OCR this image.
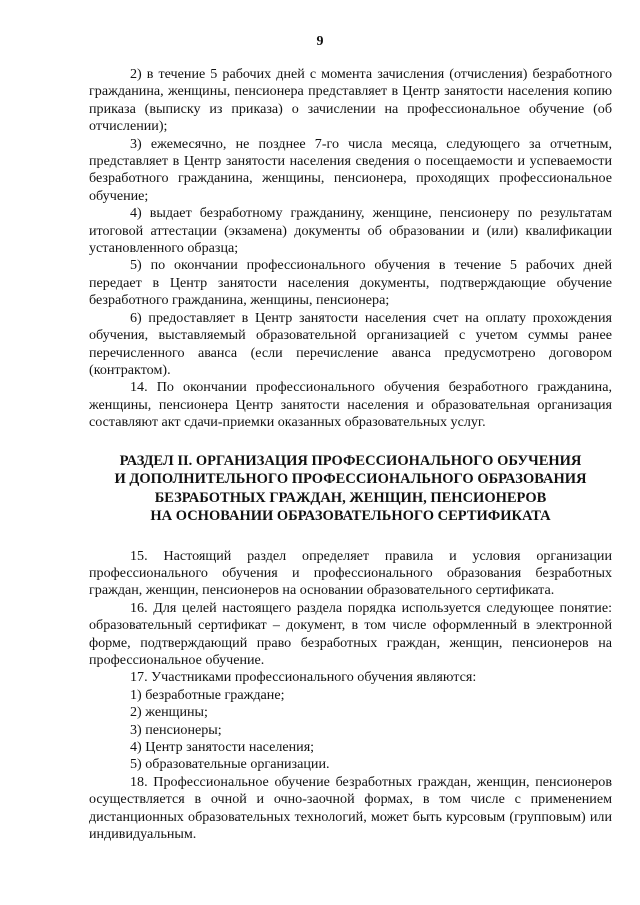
9

2) в течение 5 рабочих дней с момента зачисления (отчисления) безработного гражданина, женщины, пенсионера представляет в Центр занятости населения копию приказа (выписку из приказа) о зачислении на профессиональное обучение (об отчислении);

3) ежемесячно, не позднее 7-го числа месяца, следующего за отчетным, представляет в Центр занятости населения сведения о посещаемости и успеваемости безработного гражданина, женщины, пенсионера, проходящих профессиональное обучение;

4) выдает безработному гражданину, женщине, пенсионеру по результатам итоговой аттестации (экзамена) документы об образовании и (или) квалификации установленного образца;

5) по окончании профессионального обучения в течение 5 рабочих дней передает в Центр занятости населения документы, подтверждающие обучение безработного гражданина, женщины, пенсионера;

6) предоставляет в Центр занятости населения счет на оплату прохождения обучения, выставляемый образовательной организацией с учетом суммы ранее перечисленного аванса (если перечисление аванса предусмотрено договором (контрактом).

14. По окончании профессионального обучения безработного гражданина, женщины, пенсионера Центр занятости населения и образовательная организация составляют акт сдачи-приемки оказанных образовательных услуг.

РАЗДЕЛ II. ОРГАНИЗАЦИЯ ПРОФЕССИОНАЛЬНОГО ОБУЧЕНИЯ
И ДОПОЛНИТЕЛЬНОГО ПРОФЕССИОНАЛЬНОГО ОБРАЗОВАНИЯ
БЕЗРАБОТНЫХ ГРАЖДАН, ЖЕНЩИН, ПЕНСИОНЕРОВ
НА ОСНОВАНИИ ОБРАЗОВАТЕЛЬНОГО СЕРТИФИКАТА

15. Настоящий раздел определяет правила и условия организации профессионального обучения и профессионального образования безработных граждан, женщин, пенсионеров на основании образовательного сертификата.

16. Для целей настоящего раздела порядка используется следующее понятие: образовательный сертификат – документ, в том числе оформленный в электронной форме, подтверждающий право безработных граждан, женщин, пенсионеров на профессиональное обучение.

17. Участниками профессионального обучения являются:

1) безработные граждане;

2) женщины;

3) пенсионеры;

4) Центр занятости населения;

5) образовательные организации.

18. Профессиональное обучение безработных граждан, женщин, пенсионеров осуществляется в очной и очно-заочной формах, в том числе с применением дистанционных образовательных технологий, может быть курсовым (групповым) или индивидуальным.
